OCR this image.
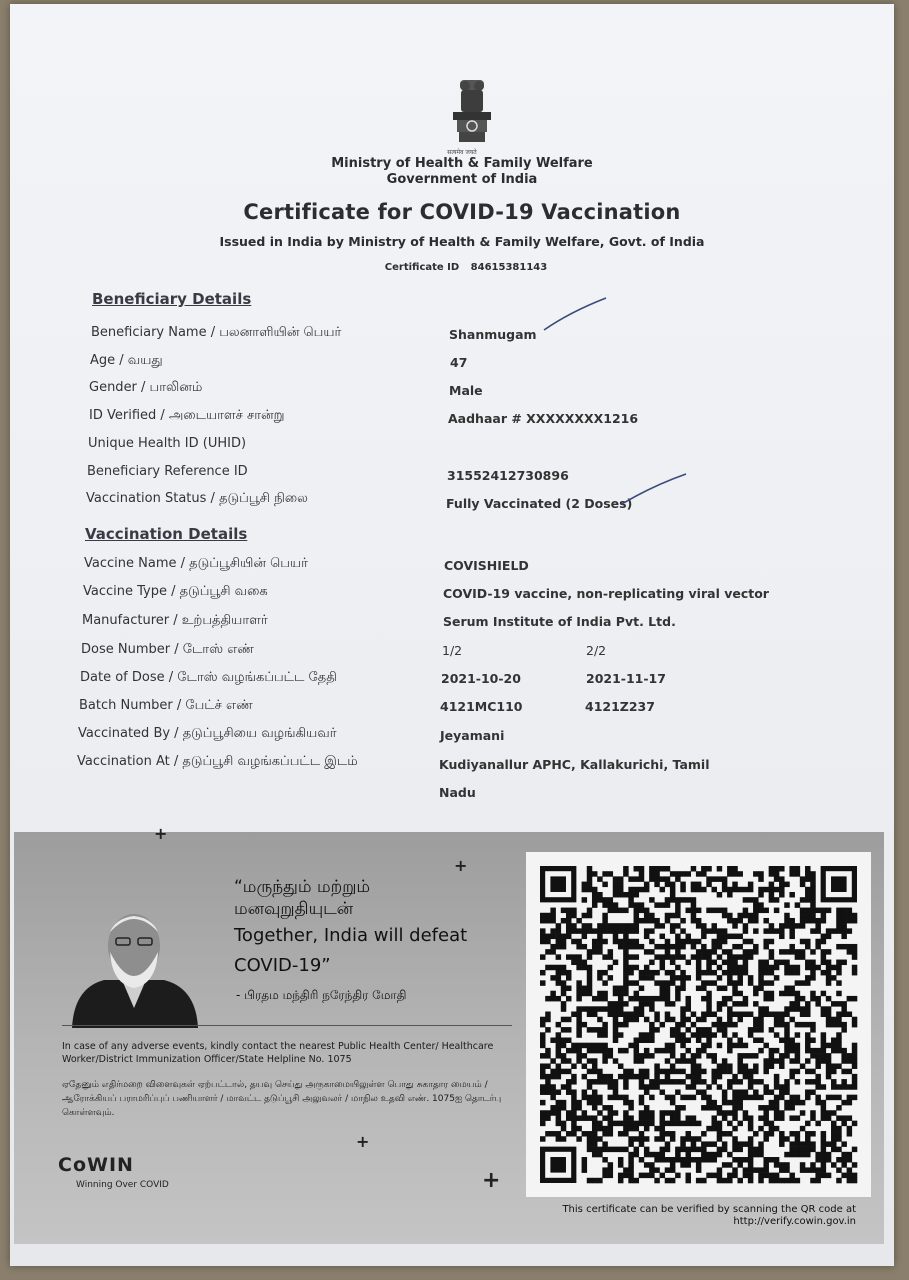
सत्यमेव जयते
Ministry of Health & Family Welfare
Government of India
Certificate for COVID-19 Vaccination
Issued in India by Ministry of Health & Family Welfare, Govt. of India
Certificate ID 84615381143
Beneficiary Details
Beneficiary Name / பலனாளியின் பெயர்	Shanmugam
Age / வயது	47
Gender / பாலினம்	Male
ID Verified / அடையாளச் சான்று	Aadhaar # XXXXXXXX1216
Unique Health ID (UHID)
Beneficiary Reference ID	31552412730896
Vaccination Status / தடுப்பூசி நிலை	Fully Vaccinated (2 Doses)
Vaccination Details
Vaccine Name / தடுப்பூசியின் பெயர்	COVISHIELD
Vaccine Type / தடுப்பூசி வகை	COVID-19 vaccine, non-replicating viral vector
Manufacturer / உற்பத்தியாளர்	Serum Institute of India Pvt. Ltd.
Dose Number / டோஸ் எண்	1/2	2/2
Date of Dose / டோஸ் வழங்கப்பட்ட தேதி	2021-10-20	2021-11-17
Batch Number / பேட்ச் எண்	4121MC110	4121Z237
Vaccinated By / தடுப்பூசியை வழங்கியவர்	Jeyamani
Vaccination At / தடுப்பூசி வழங்கப்பட்ட இடம்	Kudiyanallur APHC, Kallakurichi, Tamil
Nadu
+
+
+
+
“மருந்தும் மற்றும்
மனவுறுதியுடன்
Together, India will defeat
COVID-19”
- பிரதம மந்திரி நரேந்திர மோதி
In case of any adverse events, kindly contact the nearest Public Health Center/ Healthcare Worker/District Immunization Officer/State Helpline No. 1075
ஏதேனும் எதிர்மறை விளைவுகள் ஏற்பட்டால், தயவு செய்து அருகாமையிலுள்ள பொது சுகாதார மையம் / ஆரோக்கியப் பராமரிப்புப் பணியாளர் / மாவட்ட தடுப்பூசி அலுவலர் / மாநில உதவி எண். 1075ஐ தொடர்பு கொள்ளவும்.
CoWIN
Winning Over COVID
This certificate can be verified by scanning the QR code at
http://verify.cowin.gov.in
